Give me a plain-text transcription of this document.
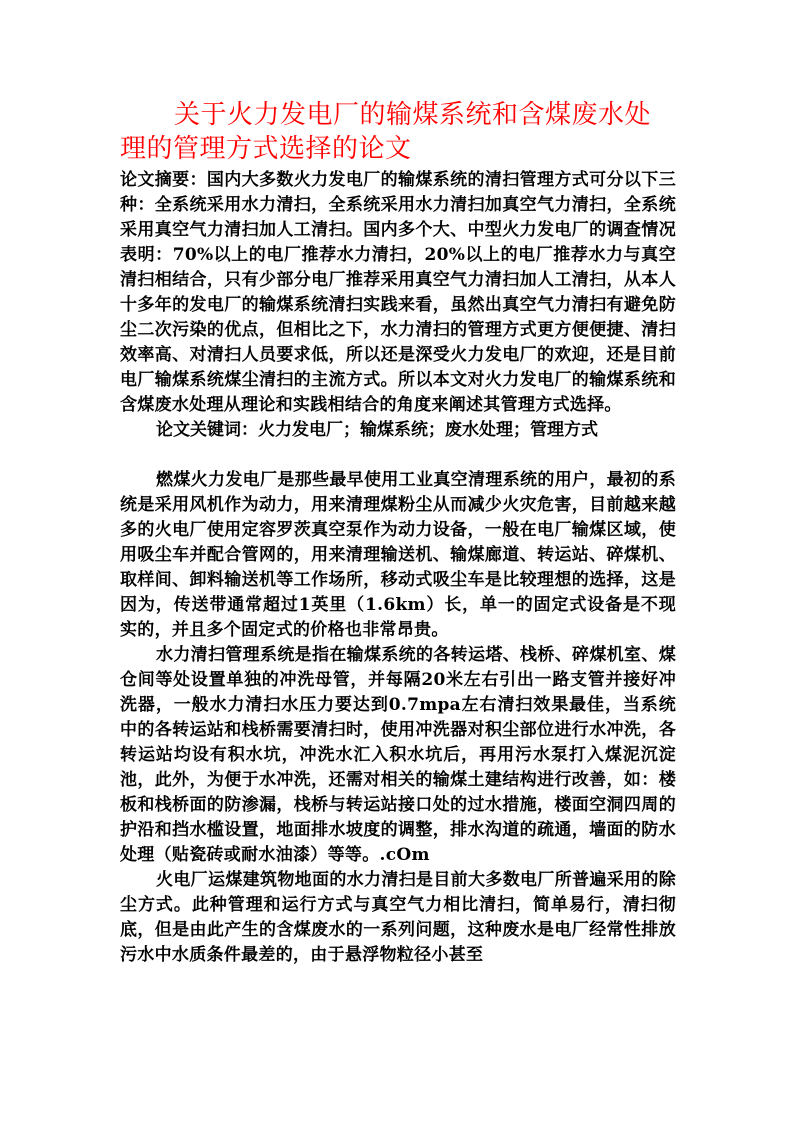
关于火力发电厂的输煤系统和含煤废水处理的管理方式选择的论文

论文摘要：国内大多数火力发电厂的输煤系统的清扫管理方式可分以下三种：全系统采用水力清扫，全系统采用水力清扫加真空气力清扫，全系统采用真空气力清扫加人工清扫。国内多个大、中型火力发电厂的调查情况表明：70%以上的电厂推荐水力清扫，20%以上的电厂推荐水力与真空清扫相结合，只有少部分电厂推荐采用真空气力清扫加人工清扫，从本人十多年的发电厂的输煤系统清扫实践来看，虽然出真空气力清扫有避免防尘二次污染的优点，但相比之下，水力清扫的管理方式更方便便捷、清扫效率高、对清扫人员要求低，所以还是深受火力发电厂的欢迎，还是目前电厂输煤系统煤尘清扫的主流方式。所以本文对火力发电厂的输煤系统和含煤废水处理从理论和实践相结合的角度来阐述其管理方式选择。

论文关键词：火力发电厂；输煤系统；废水处理；管理方式

燃煤火力发电厂是那些最早使用工业真空清理系统的用户，最初的系统是采用风机作为动力，用来清理煤粉尘从而减少火灾危害，目前越来越多的火电厂使用定容罗茨真空泵作为动力设备，一般在电厂输煤区域，使用吸尘车并配合管网的，用来清理输送机、输煤廊道、转运站、碎煤机、取样间、卸料输送机等工作场所，移动式吸尘车是比较理想的选择，这是因为，传送带通常超过1英里（1.6km）长，单一的固定式设备是不现实的，并且多个固定式的价格也非常昂贵。

水力清扫管理系统是指在输煤系统的各转运塔、栈桥、碎煤机室、煤仓间等处设置单独的冲洗母管，并每隔20米左右引出一路支管并接好冲洗器，一般水力清扫水压力要达到0.7mpa左右清扫效果最佳，当系统中的各转运站和栈桥需要清扫时，使用冲洗器对积尘部位进行水冲洗，各转运站均设有积水坑，冲洗水汇入积水坑后，再用污水泵打入煤泥沉淀池，此外，为便于水冲洗，还需对相关的输煤土建结构进行改善，如：楼板和栈桥面的防渗漏，栈桥与转运站接口处的过水措施，楼面空洞四周的护沿和挡水槛设置，地面排水坡度的调整，排水沟道的疏通，墙面的防水处理（贴瓷砖或耐水油漆）等等。.cOm

火电厂运煤建筑物地面的水力清扫是目前大多数电厂所普遍采用的除尘方式。此种管理和运行方式与真空气力相比清扫，简单易行，清扫彻底，但是由此产生的含煤废水的一系列问题，这种废水是电厂经常性排放污水中水质条件最差的，由于悬浮物粒径小甚至
